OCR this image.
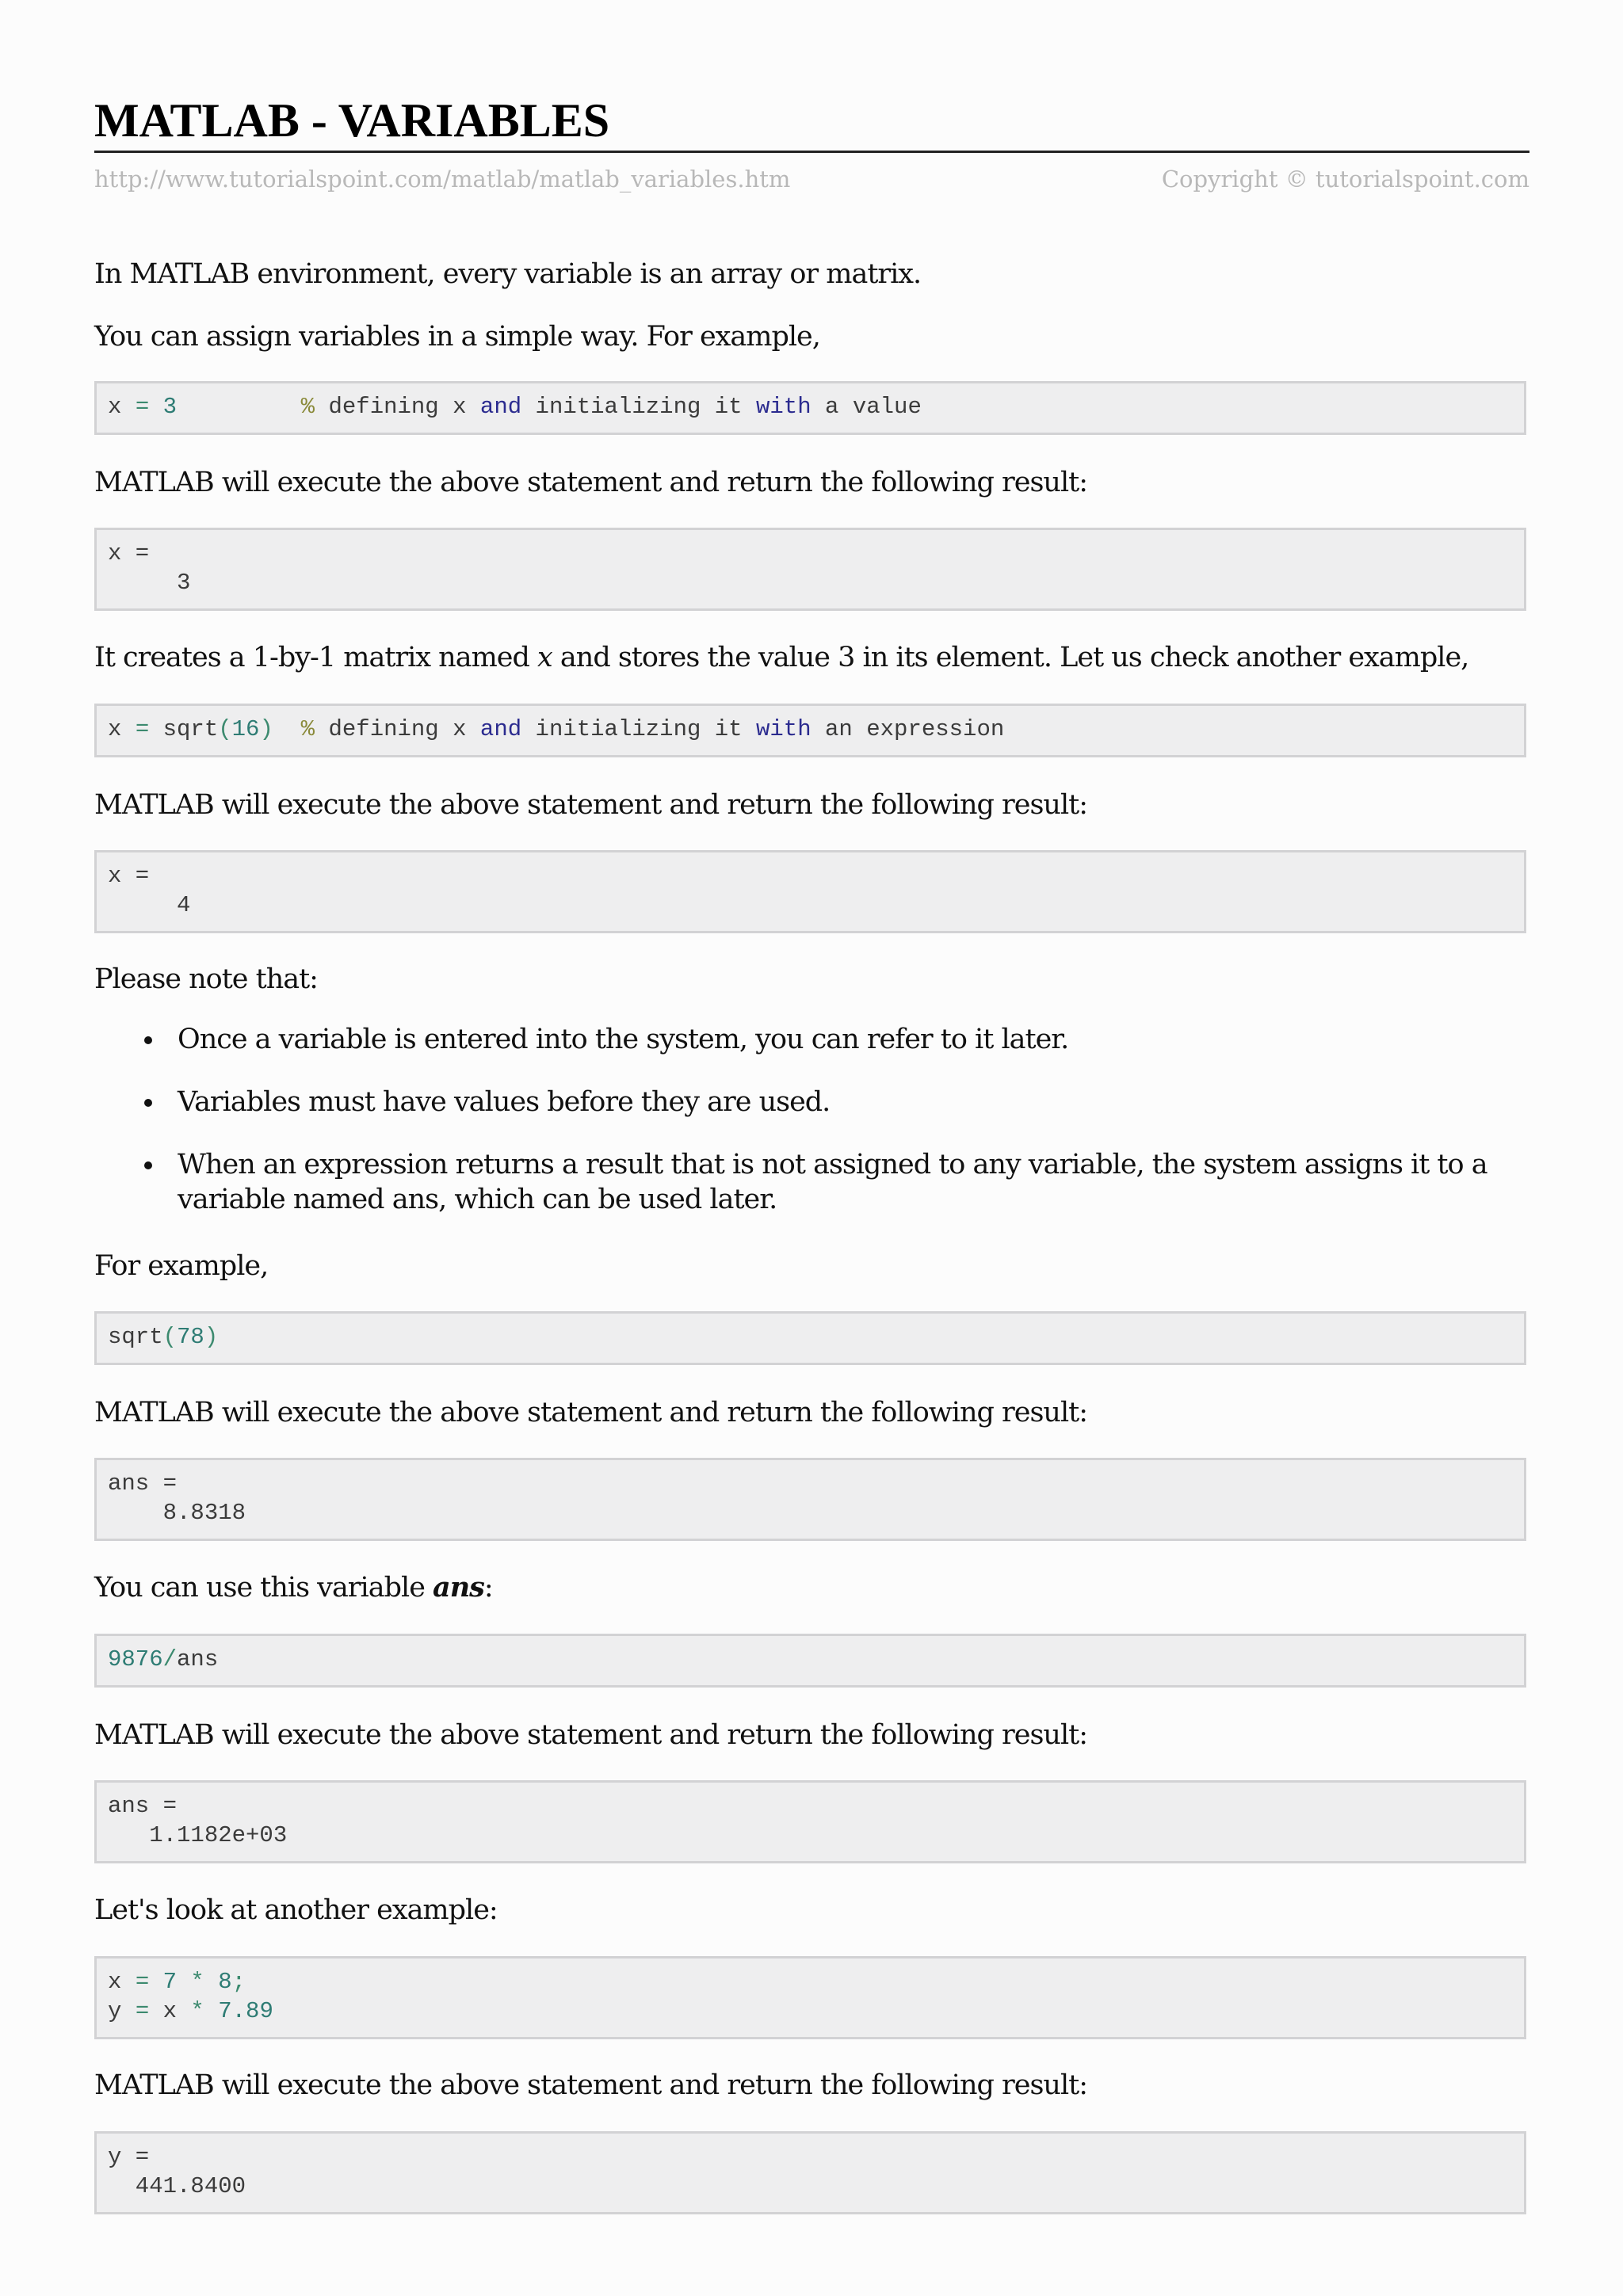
MATLAB - VARIABLES
http://www.tutorialspoint.com/matlab/matlab_variables.htm	Copyright © tutorialspoint.com

In MATLAB environment, every variable is an array or matrix.

You can assign variables in a simple way. For example,

x = 3	% defining x and initializing it with a value

MATLAB will execute the above statement and return the following result:

x =
3

It creates a 1-by-1 matrix named x and stores the value 3 in its element. Let us check another example,

x = sqrt(16) % defining x and initializing it with an expression

MATLAB will execute the above statement and return the following result:

x =
4

Please note that:

Once a variable is entered into the system, you can refer to it later.
Variables must have values before they are used.
When an expression returns a result that is not assigned to any variable, the system assigns it to a variable named ans, which can be used later.

For example,

sqrt(78)

MATLAB will execute the above statement and return the following result:

ans =
8.8318

You can use this variable ans:

9876/ans

MATLAB will execute the above statement and return the following result:

ans =
1.1182e+03

Let's look at another example:

x = 7 * 8;
y = x * 7.89

MATLAB will execute the above statement and return the following result:

y =
441.8400
